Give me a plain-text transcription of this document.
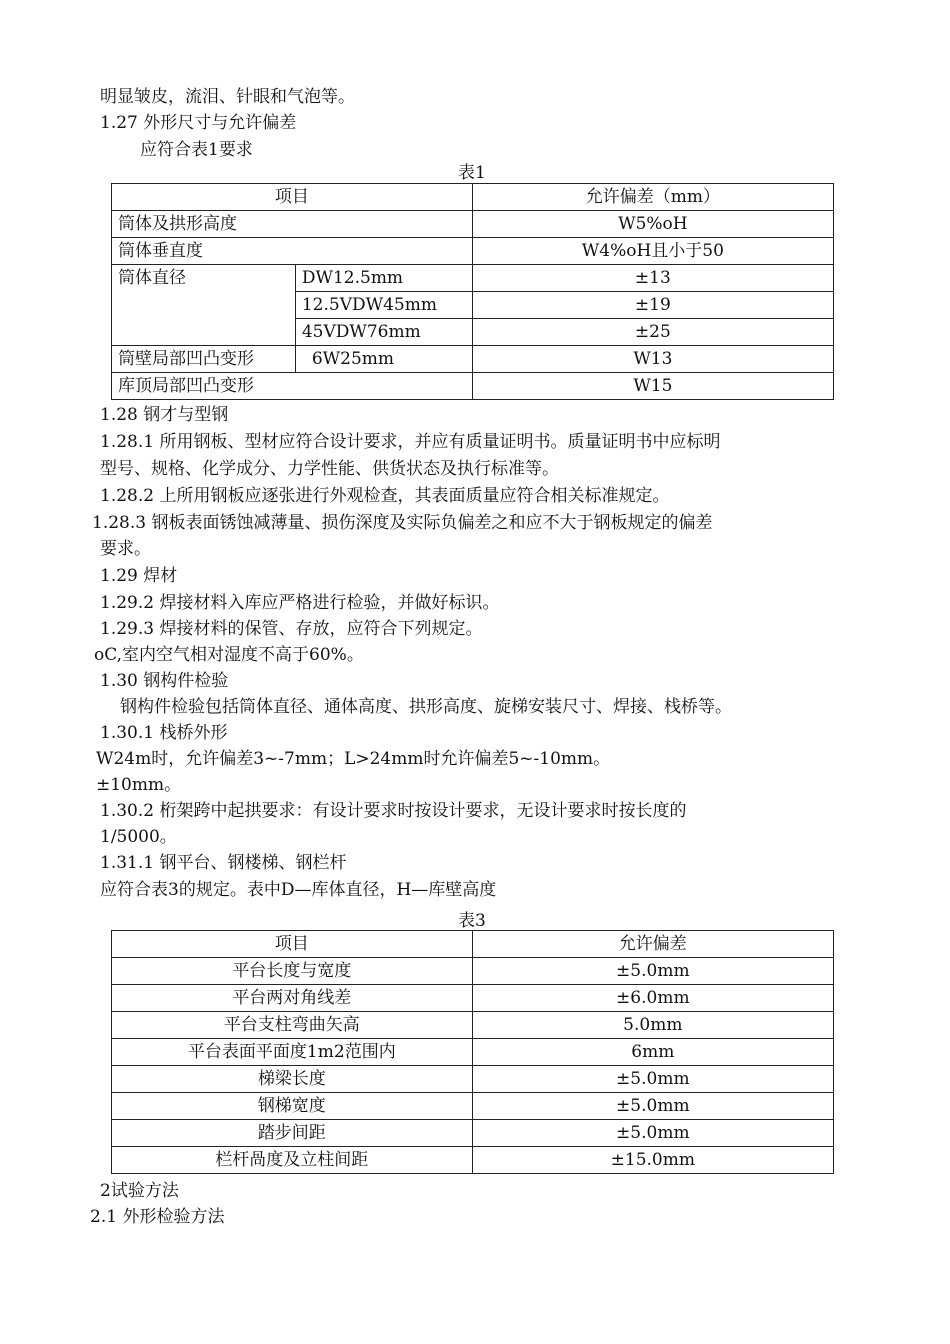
明显皱皮，流泪、针眼和气泡等。
1.27 外形尺寸与允许偏差
应符合表1要求
表1
项目		允许偏差（mm）
筒体及拱形高度		W5%oH
筒体垂直度		W4%oH且小于50
筒体直径	DW12.5mm	±13
	12.5VDW45mm	±19
	45VDW76mm	±25
筒壁局部凹凸变形	6W25mm	W13
库顶局部凹凸变形		W15
1.28 钢才与型钢
1.28.1 所用钢板、型材应符合设计要求，并应有质量证明书。质量证明书中应标明
型号、规格、化学成分、力学性能、供货状态及执行标准等。
1.28.2 上所用钢板应逐张进行外观检查，其表面质量应符合相关标准规定。
1.28.3 钢板表面锈蚀减薄量、损伤深度及实际负偏差之和应不大于钢板规定的偏差
要求。
1.29 焊材
1.29.2 焊接材料入库应严格进行检验，并做好标识。
1.29.3 焊接材料的保管、存放，应符合下列规定。
oC,室内空气相对湿度不高于60%。
1.30 钢构件检验
钢构件检验包括筒体直径、通体高度、拱形高度、旋梯安装尺寸、焊接、栈桥等。
1.30.1 栈桥外形
W24m时，允许偏差3~-7mm；L>24mm时允许偏差5~-10mm。
±10mm。
1.30.2 桁架跨中起拱要求：有设计要求时按设计要求，无设计要求时按长度的
1/5000。
1.31.1 钢平台、钢楼梯、钢栏杆
应符合表3的规定。表中D—库体直径，H—库壁高度
表3
项目	允许偏差
平台长度与宽度	±5.0mm
平台两对角线差	±6.0mm
平台支柱弯曲矢高	5.0mm
平台表面平面度1m2范围内	6mm
梯梁长度	±5.0mm
钢梯宽度	±5.0mm
踏步间距	±5.0mm
栏杆咼度及立柱间距	±15.0mm
2试验方法
2.1 外形检验方法
